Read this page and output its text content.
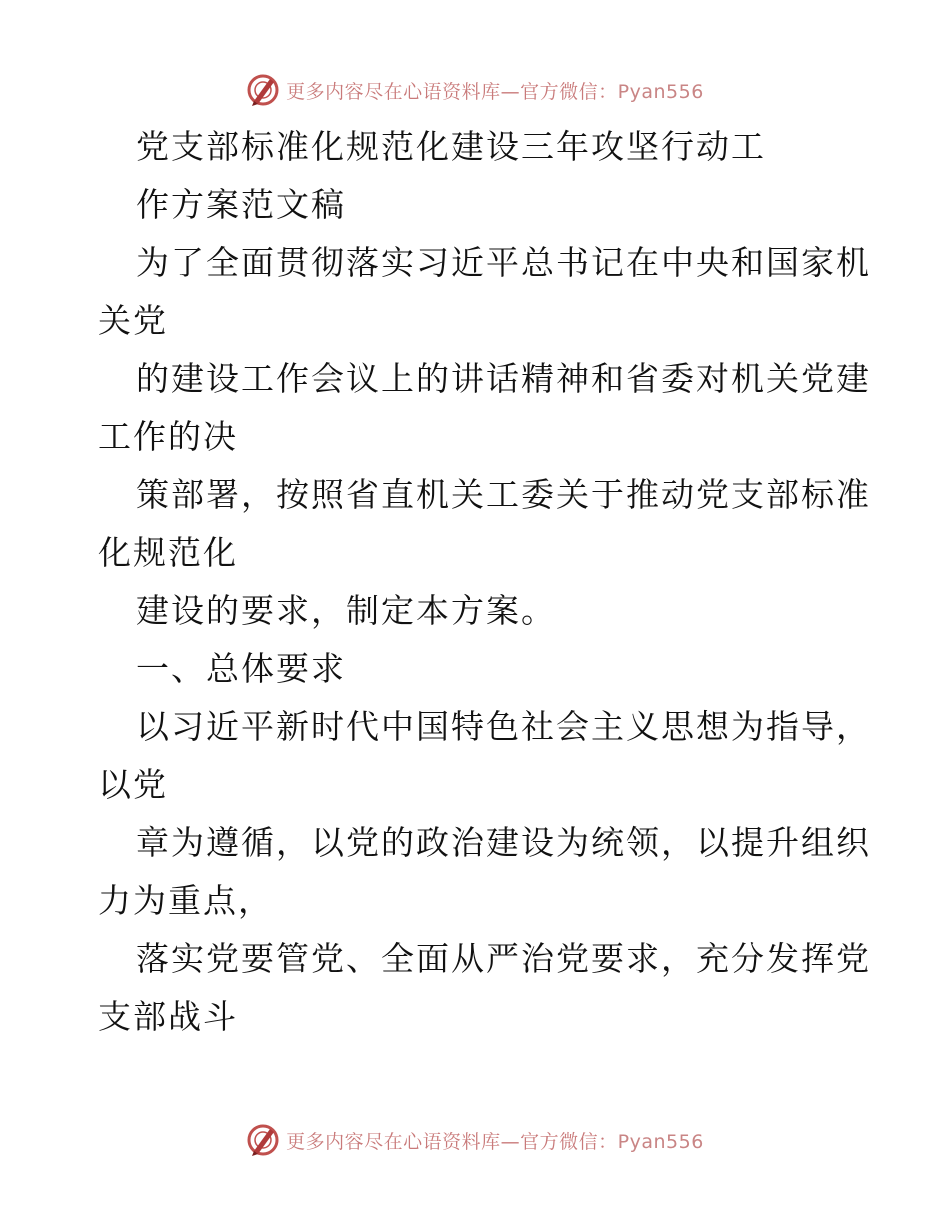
更多内容尽在心语资料库—官方微信：Pyan556
党支部标准化规范化建设三年攻坚行动工
作方案范文稿
为了全面贯彻落实习近平总书记在中央和国家机
关党
的建设工作会议上的讲话精神和省委对机关党建
工作的决
策部署，按照省直机关工委关于推动党支部标准
化规范化
建设的要求，制定本方案。
一、总体要求
以习近平新时代中国特色社会主义思想为指导，
以党
章为遵循，以党的政治建设为统领，以提升组织
力为重点，
落实党要管党、全面从严治党要求，充分发挥党
支部战斗
更多内容尽在心语资料库—官方微信：Pyan556
